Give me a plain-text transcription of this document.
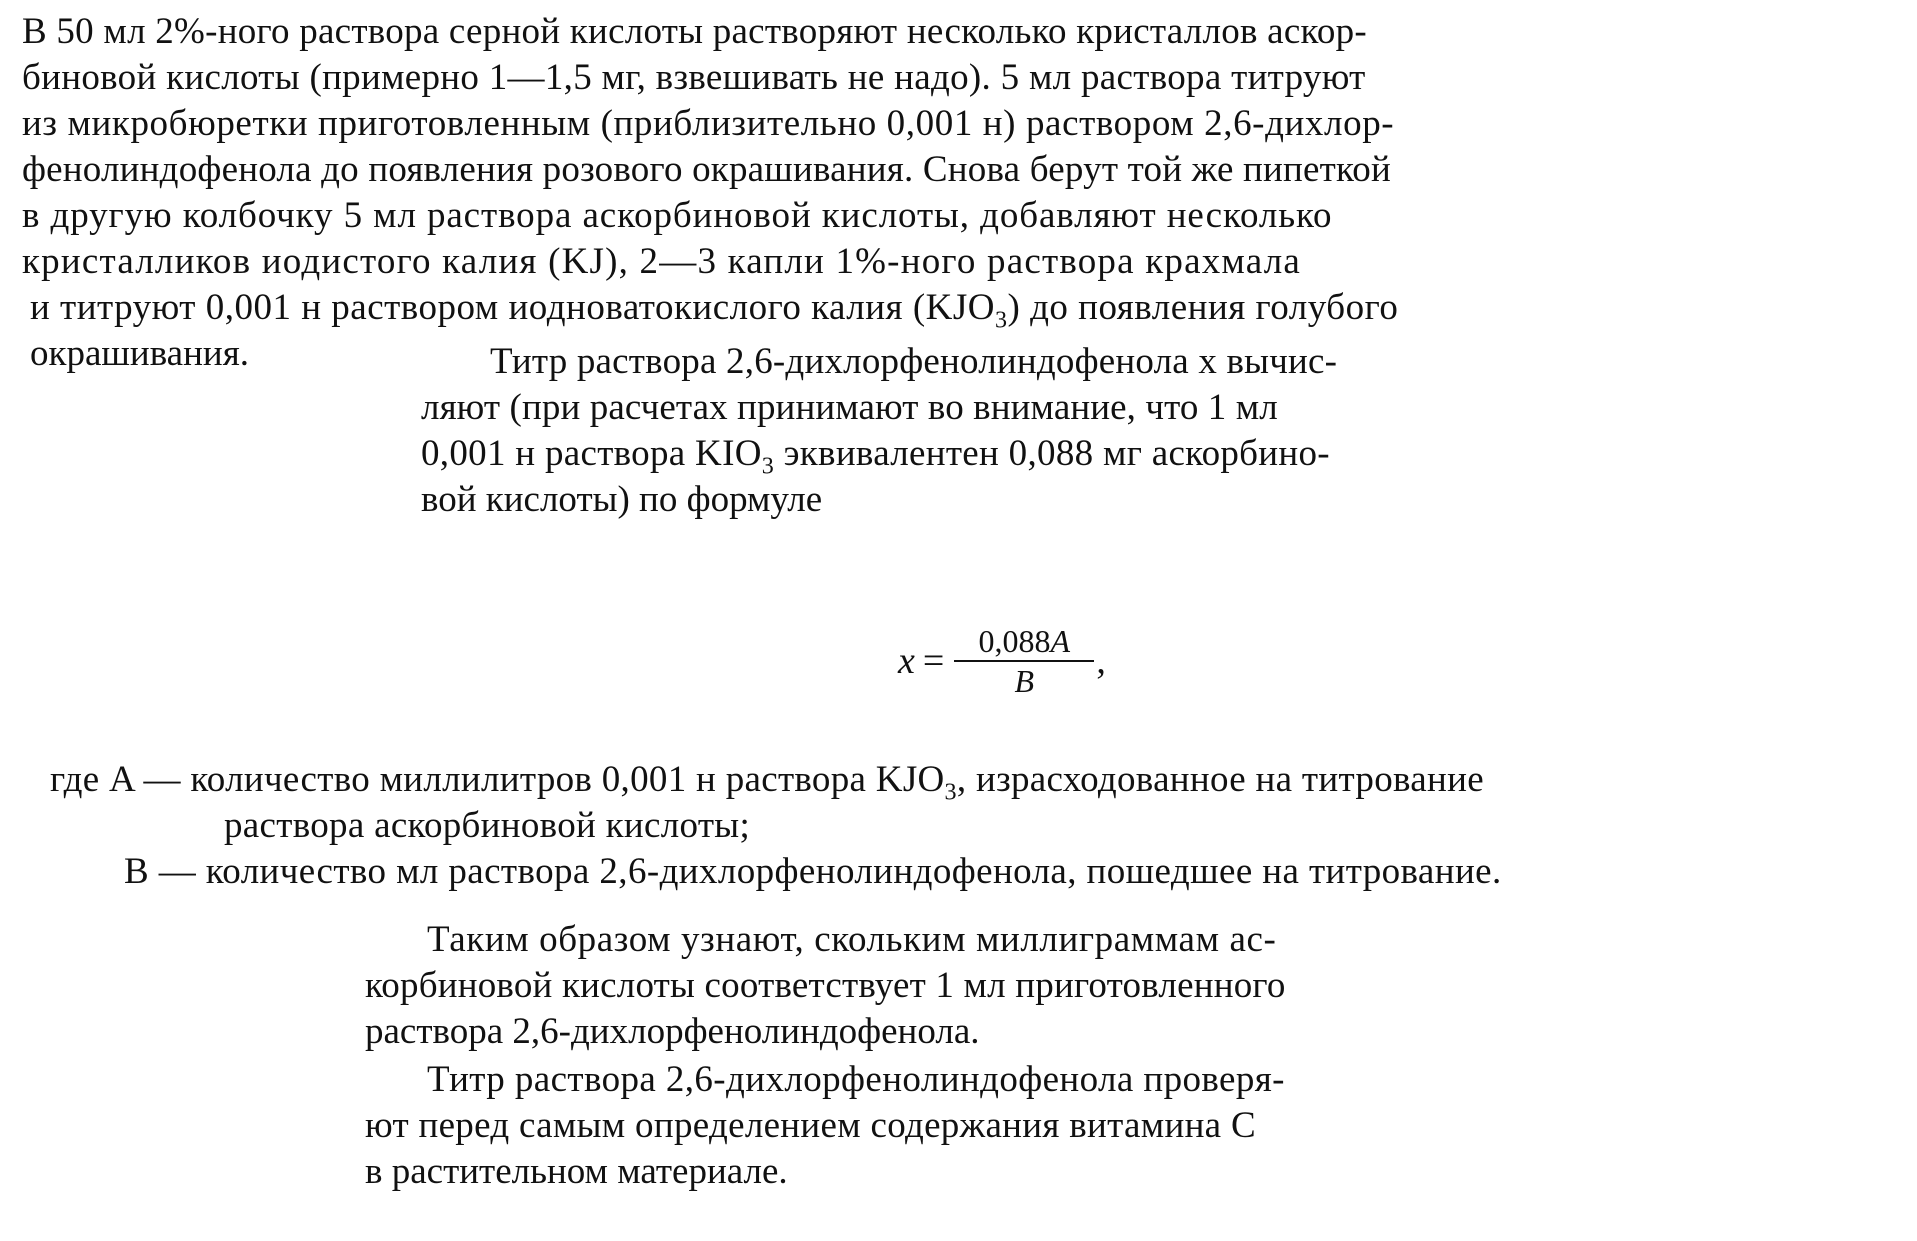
В 50 мл 2%-ного раствора серной кислоты растворяют несколько кристаллов аскор-
биновой кислоты (примерно 1—1,5 мг, взвешивать не надо). 5 мл раствора титруют
из микробюретки приготовленным (приблизительно 0,001 н) раствором 2,6-дихлор-
фенолиндофенола до появления розового окрашивания. Снова берут той же пипеткой
в другую колбочку 5 мл раствора аскорбиновой кислоты, добавляют несколько
кристалликов иодистого калия (KJ), 2—3 капли 1%-ного раствора крахмала
и титруют 0,001 н раствором иодноватокислого калия $(KJO_3)$ до появления голубого
окрашивания.	Титр раствора 2,6-дихлорфенолиндофенола x вычис-
ляют (при расчетах принимают во внимание, что 1 мл
0,001 н раствора $KIO_3$ эквивалентен 0,088 мг аскорбино-
вой кислоты) по формуле
$x = \frac{0,088A}{B}$ ,
где A — количество миллилитров 0,001 н раствора $KJO_3$, израсходованное на титрование
раствора аскорбиновой кислоты;
B — количество мл раствора 2,6-дихлорфенолиндофенола, пошедшее на титрование.
Таким образом узнают, скольким миллиграммам ас-
корбиновой кислоты соответствует 1 мл приготовленного
раствора 2,6-дихлорфенолиндофенола.
Титр раствора 2,6-дихлорфенолиндофенола проверя-
ют перед самым определением содержания витамина С
в растительном материале.
